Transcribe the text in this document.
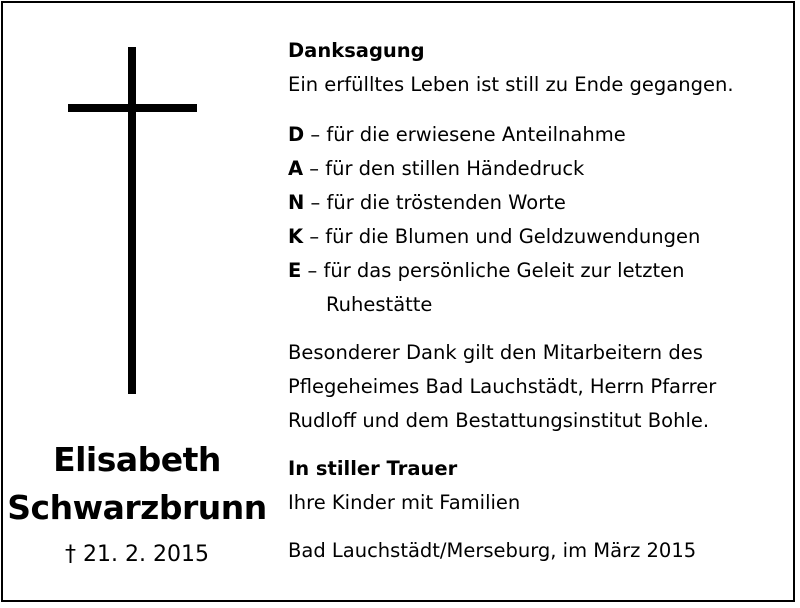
Elisabeth
Schwarzbrunn
† 21. 2. 2015
Danksagung
Ein erfülltes Leben ist still zu Ende gegangen.
D – für die erwiesene Anteilnahme
A – für den stillen Händedruck
N – für die tröstenden Worte
K – für die Blumen und Geldzuwendungen
E – für das persönliche Geleit zur letzten
Ruhestätte
Besonderer Dank gilt den Mitarbeitern des
Pflegeheimes Bad Lauchstädt, Herrn Pfarrer
Rudloff und dem Bestattungsinstitut Bohle.
In stiller Trauer
Ihre Kinder mit Familien
Bad Lauchstädt/Merseburg, im März 2015
